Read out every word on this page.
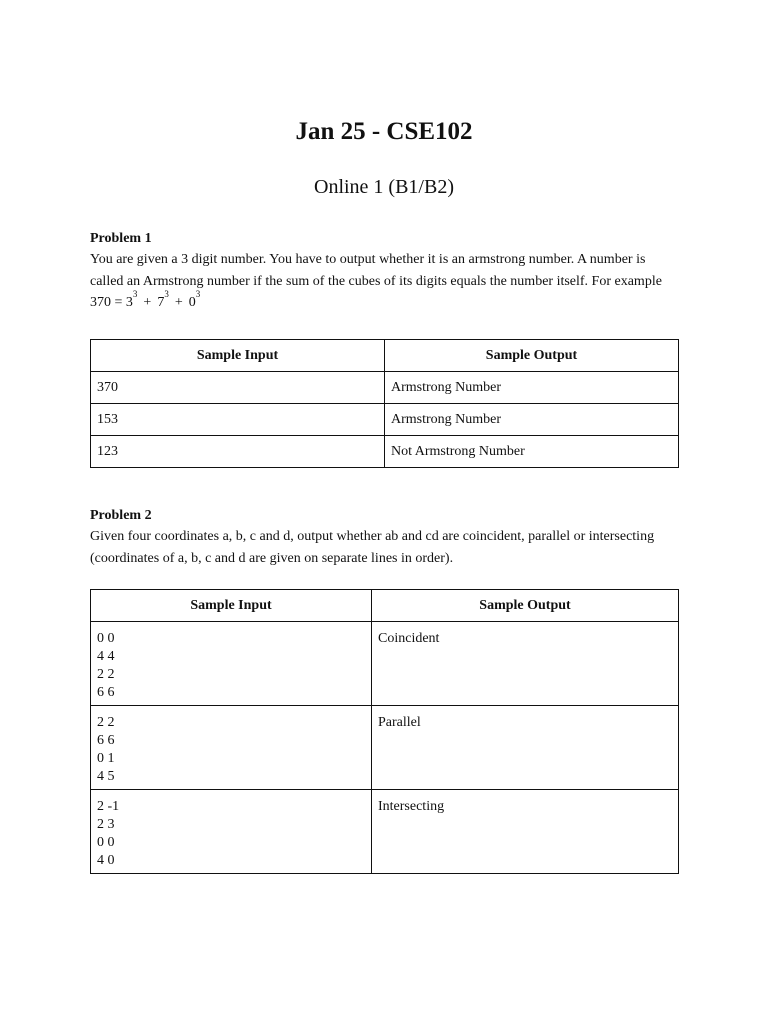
Jan 25 - CSE102
Online 1 (B1/B2)

Problem 1

You are given a 3 digit number. You have to output whether it is an armstrong number. A number is called an Armstrong number if the sum of the cubes of its digits equals the number itself. For example $370 = 3^3+ 7^3+ 0^3$

Sample Input	Sample Output
370	Armstrong Number
153	Armstrong Number
123	Not Armstrong Number

Problem 2

Given four coordinates a, b, c and d, output whether ab and cd are coincident, parallel or intersecting (coordinates of a, b, c and d are given on separate lines in order).

Sample Input	Sample Output

0 0
4 4
2 2
6 6	Coincident

2 2
6 6
0 1
4 5	Parallel

2 -1
2 3
0 0
4 0	Intersecting
